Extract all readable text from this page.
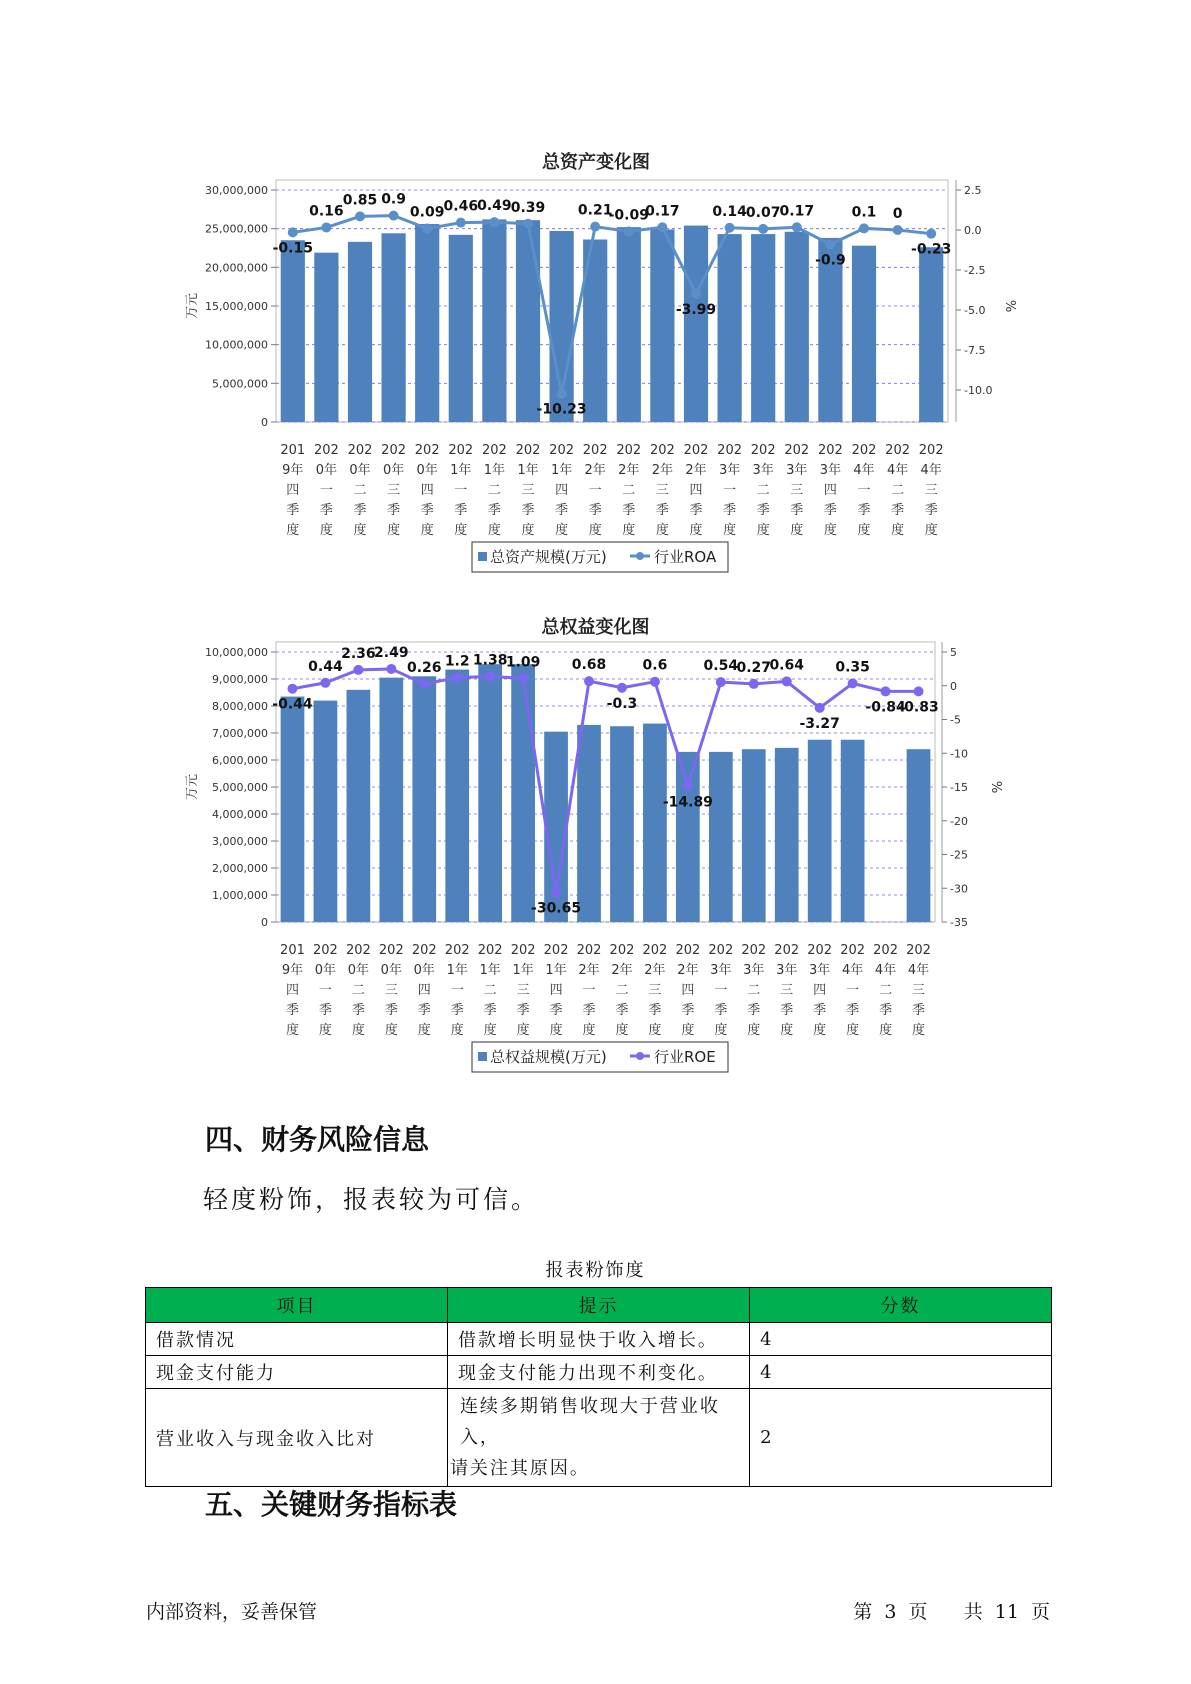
总资产变化图
30,000,000
25,000,000
20,000,000
15,000,000
10,000,000
5,000,000
0
2.5
0.0
-2.5
-5.0
-7.5
-10.0
万元	%
-0.15
0.16
0.85 0.9
0.09 0.46 0.49 0.39
-10.23
0.21
-0.09
0.17
-3.99
0.14 0.07 0.17
-0.9
0.1 0
-0.23
201
9年
四
季
度
202
0年
一
季
度
202
0年
二
季
度
202
0年
三
季
度
202
0年
四
季
度
202
1年
一
季
度
202
1年
二
季
度
202
1年
三
季
度
202
1年
四
季
度
202
2年
一
季
度
202
2年
二
季
度
202
2年
三
季
度
202
2年
四
季
度
202
3年
一
季
度
202
3年
二
季
度
202
3年
三
季
度
202
3年
四
季
度
202
4年
一
季
度
202
4年
二
季
度
202
4年
三
季
度
总资产规模(万元)	行业ROA
10,000,000
9,000,000
8,000,000
7,000,000
6,000,000
5,000,000
4,000,000
3,000,000
2,000,000
1,000,000
0
5
0
-5
-10
-15
-20
-25
-30
-35
万元	%
-0.44
0.44
2.36
2.49
0.26 1.2 1.38
1.09
-30.65
0.68
-0.3
0.6
-14.89
0.54
0.27
0.64
-3.27
0.35
-0.84
-0.83
201
9年
四
季
度
202
0年
一
季
度
202
0年
二
季
度
202
0年
三
季
度
202
0年
四
季
度
202
1年
一
季
度
202
1年
二
季
度
202
1年
三
季
度
202
1年
四
季
度
202
2年
一
季
度
202
2年
二
季
度
202
2年
三
季
度
202
2年
四
季
度
202
3年
一
季
度
202
3年
二
季
度
202
3年
三
季
度
202
3年
四
季
度
202
4年
一
季
度
202
4年
二
季
度
202
4年
三
季
度
总权益规模(万元)	行业ROE
四、财务风险信息

轻度粉饰，报表较为可信。

报表粉饰度
项目	提示	分数
借款情况	借款增长明显快于收入增长。	4
现金支付能力	现金支付能力出现不利变化。	4
营业收入与现金收入比对	连续多期销售收现大于营业收入，
请关注其原因。	2
五、关键财务指标表
内部资料，妥善保管	第 3 页 共 11 页
总权益变化图
